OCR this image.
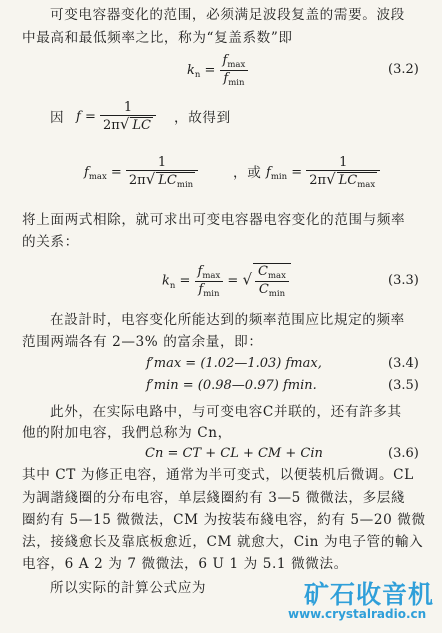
可变电容器变化的范围，必须满足波段复盖的需要。波段
中最高和最低频率之比，称为“复盖系数”即
$k_n = \frac{f_{max}}{f_{min}}$	(3.2)
因 $f = \frac{1}{2\pi√ LC}$ ，故得到
$f_{max} = \frac{1}{2\pi√ LC_{min}}$	，或 $f_{min} = \frac{1}{2\pi√ LC_{max}}$
将上面两式相除，就可求出可变电容器电容变化的范围与频率
的关系：
$k_n = \frac{f_{max}}{f_{min}}$ = √ $\frac{C_{max}}{C_{min}}$	(3.3)
在設計时，电容变化所能达到的频率范围应比規定的频率
范围两端各有 2—3% 的富余量，即：
f′max = (1.02—1.03) fmax,	(3.4)
f′min = (0.98—0.97) fmin.	(3.5)
此外，在实际电路中，与可变电容C并联的，还有許多其
他的附加电容，我們总称为 Cn，
Cn = CT + CL + CM + Cin	(3.6)
其中 CT 为修正电容，通常为半可变式，以便装机后微调。CL
为調諧綫圈的分布电容，单层綫圈約有 3—5 微微法，多层綫
圈約有 5—15 微微法，CM 为按装布綫电容，約有 5—20 微微
法，接綫愈长及靠底板愈近，CM 就愈大，Cin 为电子管的輸入
电容，6 A 2 为 7 微微法，6 U 1 为 5.1 微微法。
所以实际的計算公式应为	矿石收音机
www.crystalradio.cn
